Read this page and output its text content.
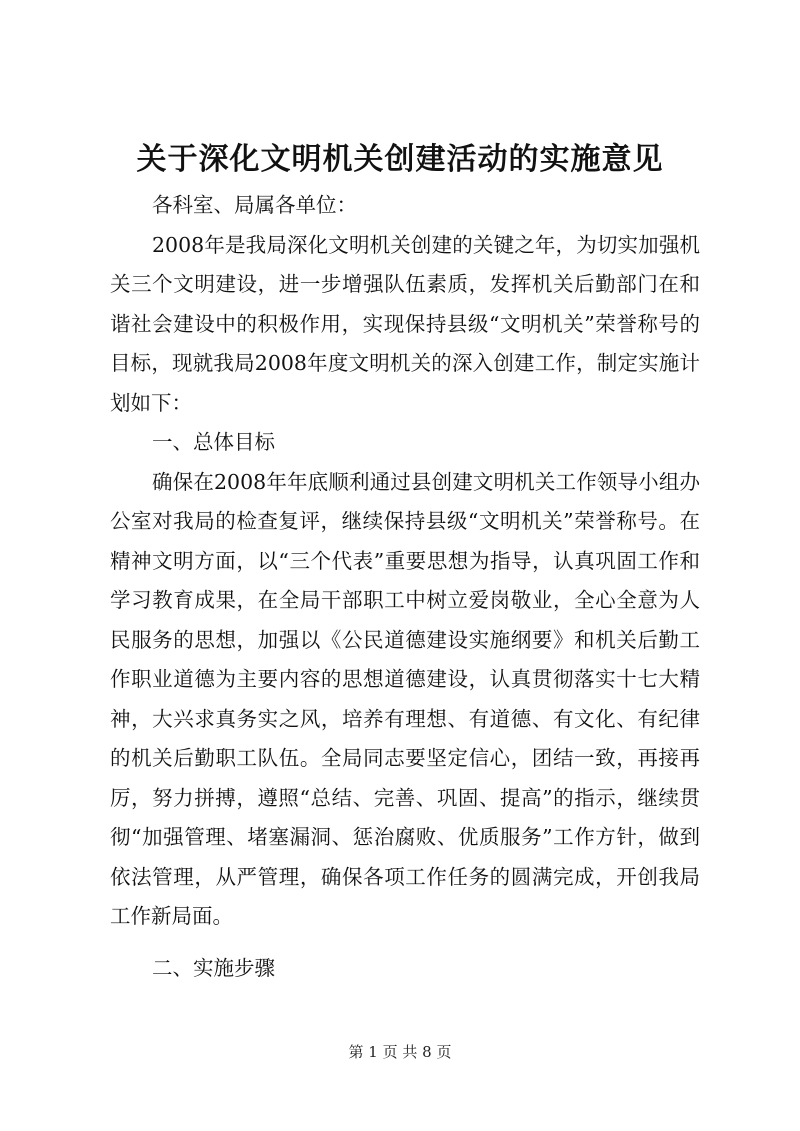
关于深化文明机关创建活动的实施意见

各科室、局属各单位：

2008年是我局深化文明机关创建的关键之年，为切实加强机关三个文明建设，进一步增强队伍素质，发挥机关后勤部门在和谐社会建设中的积极作用，实现保持县级“文明机关”荣誉称号的目标，现就我局2008年度文明机关的深入创建工作，制定实施计划如下：

一、总体目标

确保在2008年年底顺利通过县创建文明机关工作领导小组办公室对我局的检查复评，继续保持县级“文明机关”荣誉称号。在精神文明方面，以“三个代表”重要思想为指导，认真巩固工作和学习教育成果，在全局干部职工中树立爱岗敬业，全心全意为人民服务的思想，加强以《公民道德建设实施纲要》和机关后勤工作职业道德为主要内容的思想道德建设，认真贯彻落实十七大精神，大兴求真务实之风，培养有理想、有道德、有文化、有纪律的机关后勤职工队伍。全局同志要坚定信心，团结一致，再接再厉，努力拼搏，遵照“总结、完善、巩固、提高”的指示，继续贯彻“加强管理、堵塞漏洞、惩治腐败、优质服务”工作方针，做到依法管理，从严管理，确保各项工作任务的圆满完成，开创我局工作新局面。

二、实施步骤

第 1 页 共 8 页
